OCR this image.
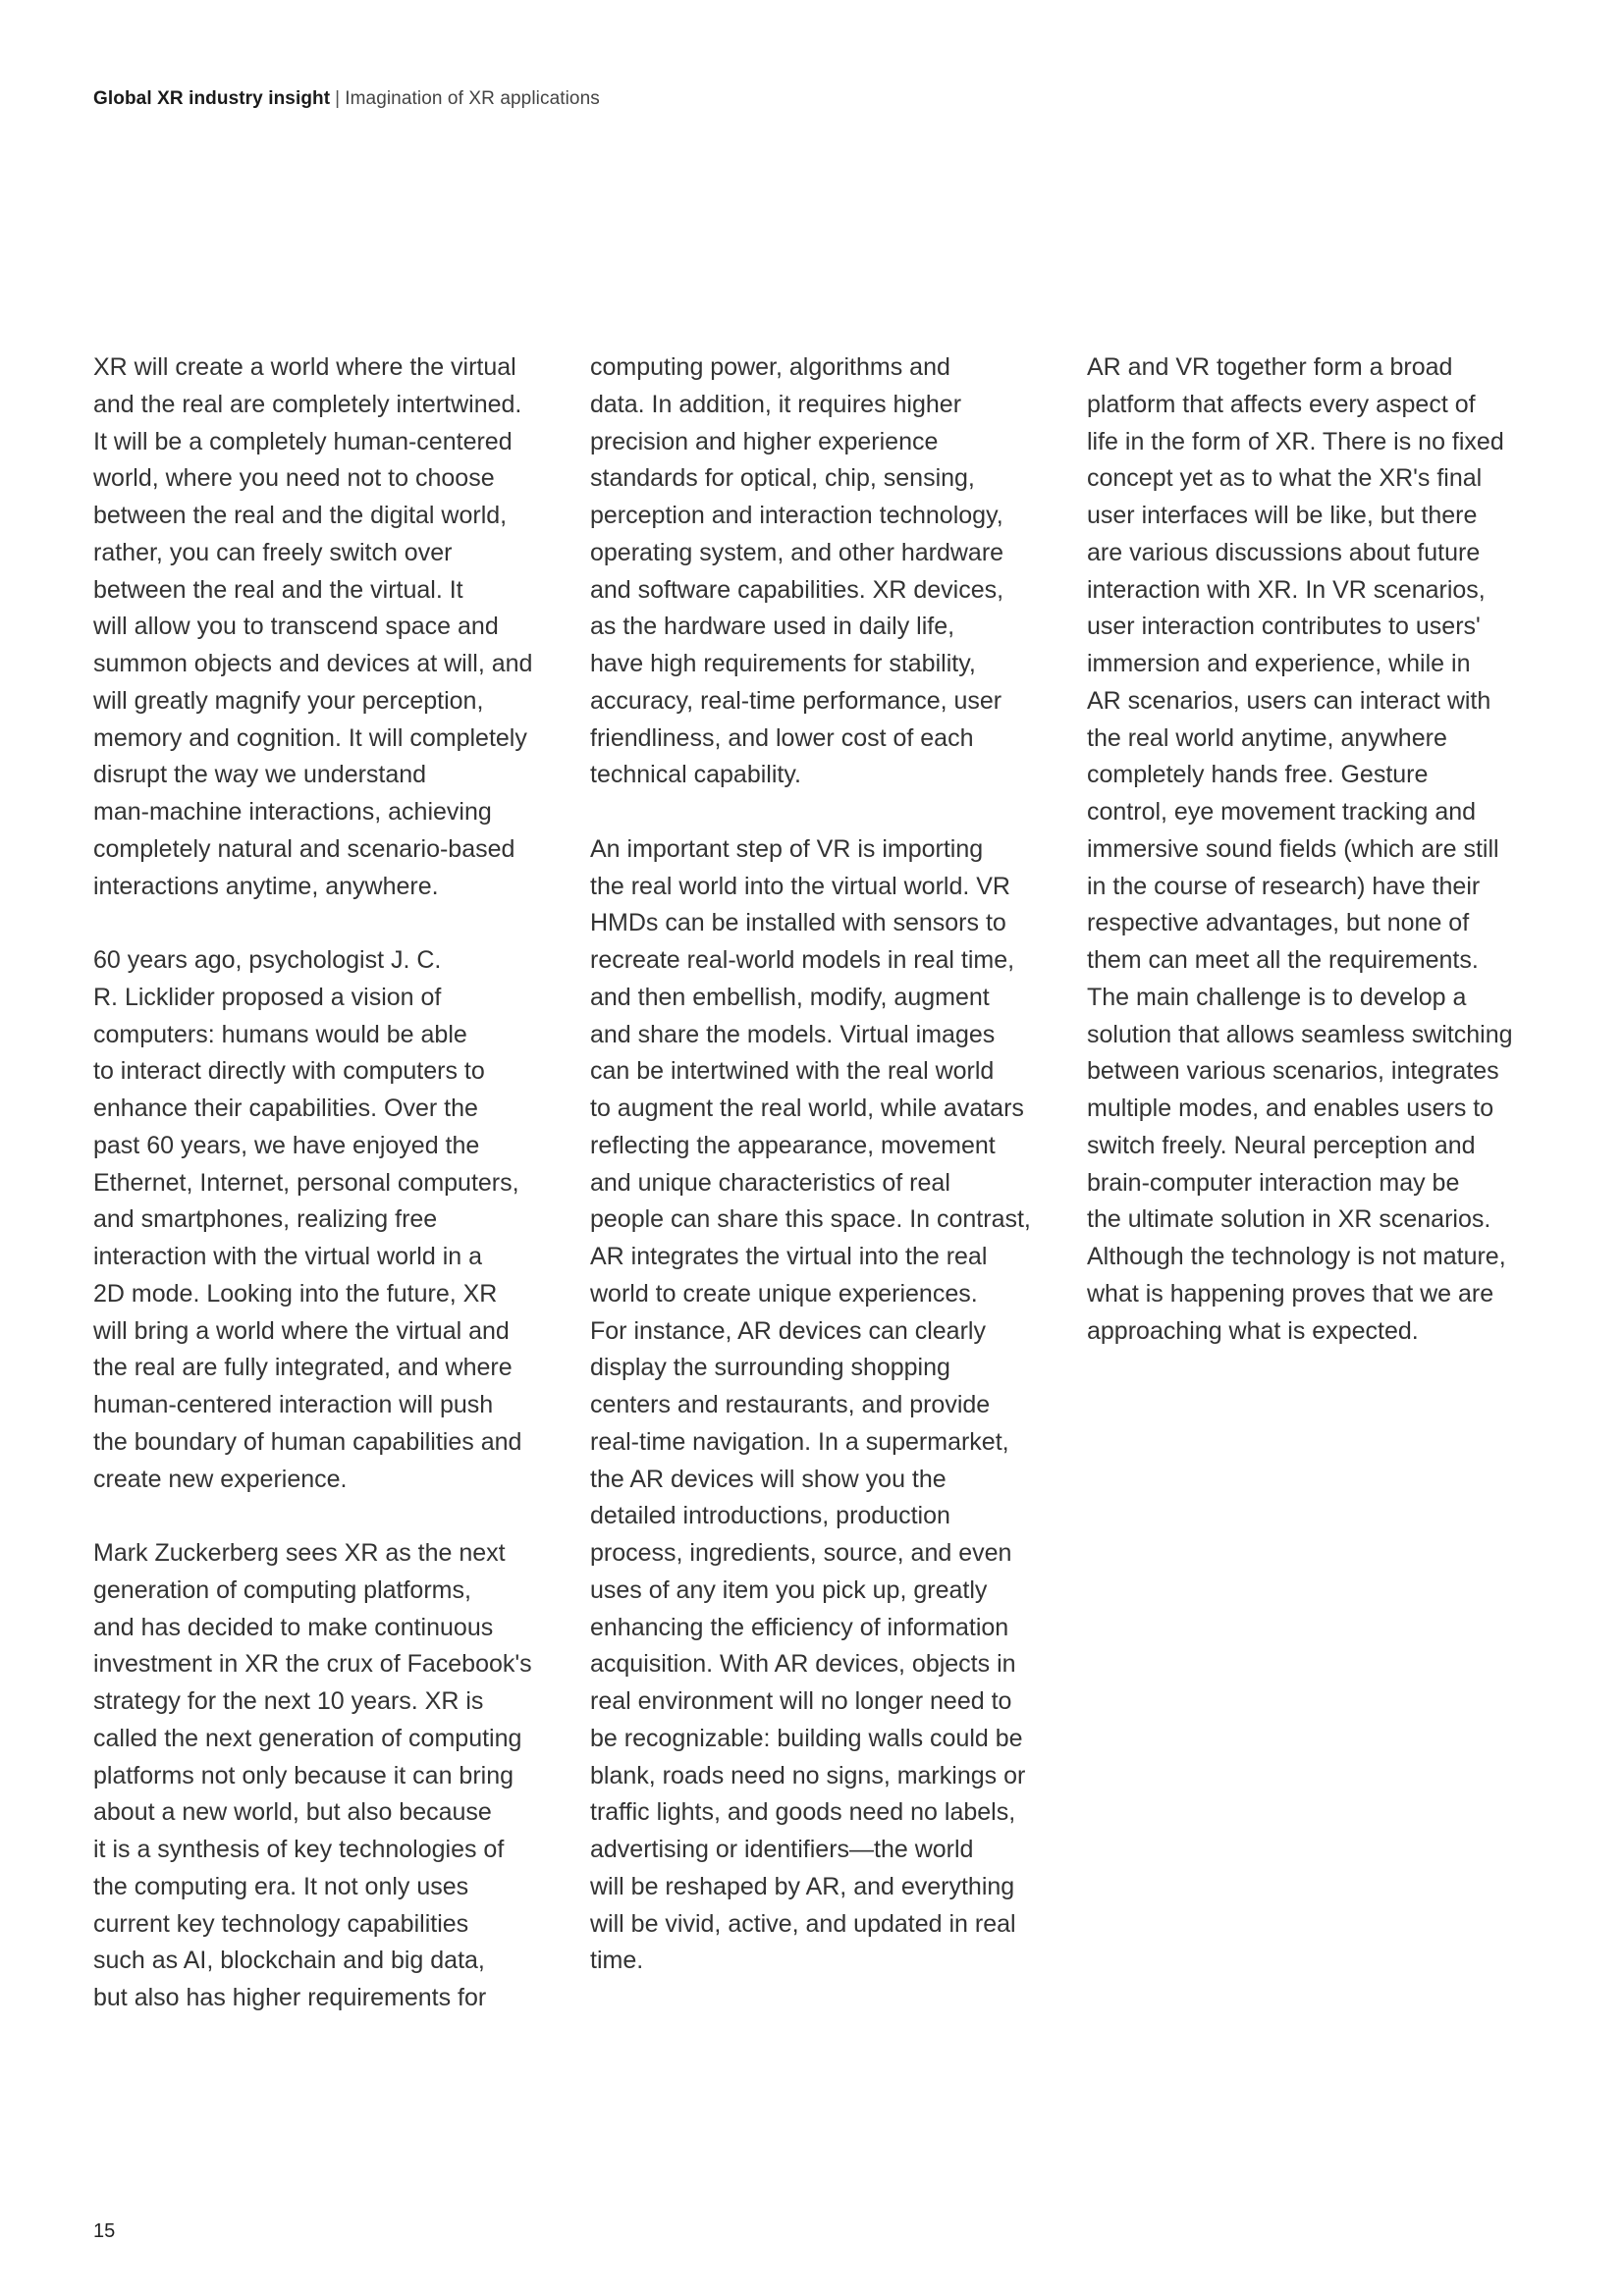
Global XR industry insight | Imagination of XR applications

XR will create a world where the virtual
and the real are completely intertwined.
It will be a completely human-centered
world, where you need not to choose
between the real and the digital world,
rather, you can freely switch over
between the real and the virtual. It
will allow you to transcend space and
summon objects and devices at will, and
will greatly magnify your perception,
memory and cognition. It will completely
disrupt the way we understand
man-machine interactions, achieving
completely natural and scenario-based
interactions anytime, anywhere.

60 years ago, psychologist J. C.
R. Licklider proposed a vision of
computers: humans would be able
to interact directly with computers to
enhance their capabilities. Over the
past 60 years, we have enjoyed the
Ethernet, Internet, personal computers,
and smartphones, realizing free
interaction with the virtual world in a
2D mode. Looking into the future, XR
will bring a world where the virtual and
the real are fully integrated, and where
human-centered interaction will push
the boundary of human capabilities and
create new experience.

Mark Zuckerberg sees XR as the next
generation of computing platforms,
and has decided to make continuous
investment in XR the crux of Facebook's
strategy for the next 10 years. XR is
called the next generation of computing
platforms not only because it can bring
about a new world, but also because
it is a synthesis of key technologies of
the computing era. It not only uses
current key technology capabilities
such as AI, blockchain and big data,
but also has higher requirements for

computing power, algorithms and
data. In addition, it requires higher
precision and higher experience
standards for optical, chip, sensing,
perception and interaction technology,
operating system, and other hardware
and software capabilities. XR devices,
as the hardware used in daily life,
have high requirements for stability,
accuracy, real-time performance, user
friendliness, and lower cost of each
technical capability.

An important step of VR is importing
the real world into the virtual world. VR
HMDs can be installed with sensors to
recreate real-world models in real time,
and then embellish, modify, augment
and share the models. Virtual images
can be intertwined with the real world
to augment the real world, while avatars
reflecting the appearance, movement
and unique characteristics of real
people can share this space. In contrast,
AR integrates the virtual into the real
world to create unique experiences.
For instance, AR devices can clearly
display the surrounding shopping
centers and restaurants, and provide
real-time navigation. In a supermarket,
the AR devices will show you the
detailed introductions, production
process, ingredients, source, and even
uses of any item you pick up, greatly
enhancing the efficiency of information
acquisition. With AR devices, objects in
real environment will no longer need to
be recognizable: building walls could be
blank, roads need no signs, markings or
traffic lights, and goods need no labels,
advertising or identifiers—the world
will be reshaped by AR, and everything
will be vivid, active, and updated in real
time.

AR and VR together form a broad
platform that affects every aspect of
life in the form of XR. There is no fixed
concept yet as to what the XR's final
user interfaces will be like, but there
are various discussions about future
interaction with XR. In VR scenarios,
user interaction contributes to users'
immersion and experience, while in
AR scenarios, users can interact with
the real world anytime, anywhere
completely hands free. Gesture
control, eye movement tracking and
immersive sound fields (which are still
in the course of research) have their
respective advantages, but none of
them can meet all the requirements.
The main challenge is to develop a
solution that allows seamless switching
between various scenarios, integrates
multiple modes, and enables users to
switch freely. Neural perception and
brain-computer interaction may be
the ultimate solution in XR scenarios.
Although the technology is not mature,
what is happening proves that we are
approaching what is expected.

15
